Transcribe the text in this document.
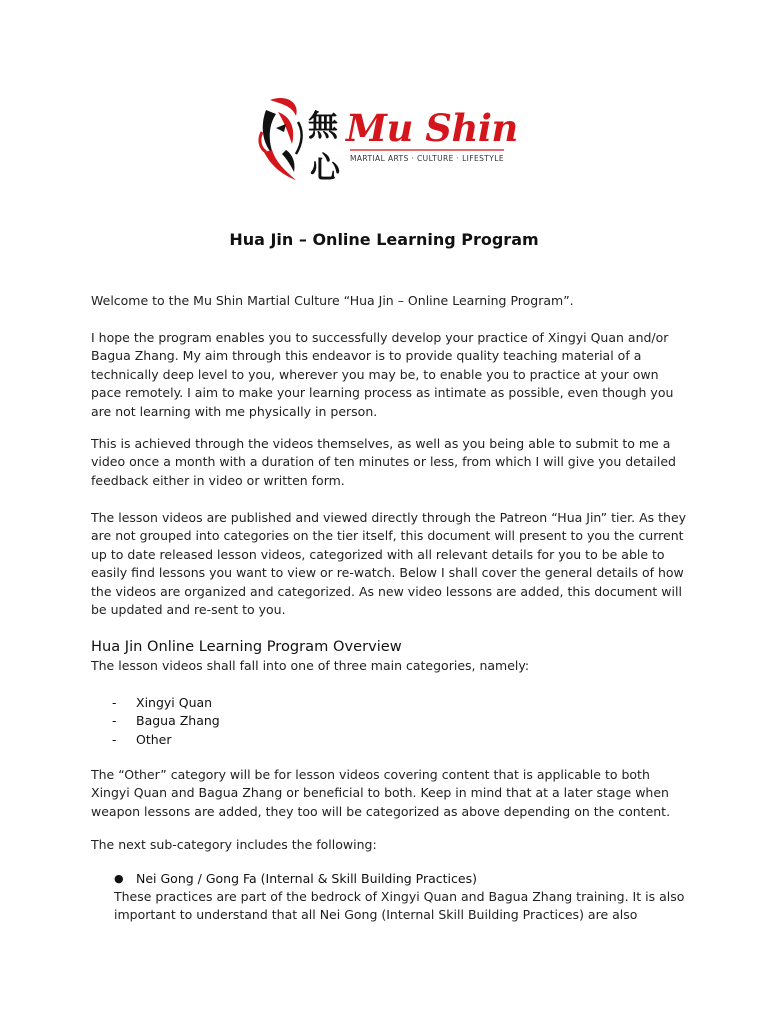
無
心
Mu Shin
MARTIAL ARTS · CULTURE · LIFESTYLE
Hua Jin – Online Learning Program

Welcome to the Mu Shin Martial Culture “Hua Jin – Online Learning Program”.

I hope the program enables you to successfully develop your practice of Xingyi Quan and/or Bagua Zhang. My aim through this endeavor is to provide quality teaching material of a technically deep level to you, wherever you may be, to enable you to practice at your own pace remotely. I aim to make your learning process as intimate as possible, even though you are not learning with me physically in person.

This is achieved through the videos themselves, as well as you being able to submit to me a video once a month with a duration of ten minutes or less, from which I will give you detailed feedback either in video or written form.

The lesson videos are published and viewed directly through the Patreon “Hua Jin” tier. As they are not grouped into categories on the tier itself, this document will present to you the current up to date released lesson videos, categorized with all relevant details for you to be able to easily find lessons you want to view or re-watch. Below I shall cover the general details of how the videos are organized and categorized. As new video lessons are added, this document will be updated and re-sent to you.

Hua Jin Online Learning Program Overview

The lesson videos shall fall into one of three main categories, namely:

-	Xingyi Quan
-	Bagua Zhang
-	Other

The “Other” category will be for lesson videos covering content that is applicable to both Xingyi Quan and Bagua Zhang or beneficial to both. Keep in mind that at a later stage when weapon lessons are added, they too will be categorized as above depending on the content.

The next sub-category includes the following:

● Nei Gong / Gong Fa (Internal & Skill Building Practices)

These practices are part of the bedrock of Xingyi Quan and Bagua Zhang training. It is also important to understand that all Nei Gong (Internal Skill Building Practices) are also
